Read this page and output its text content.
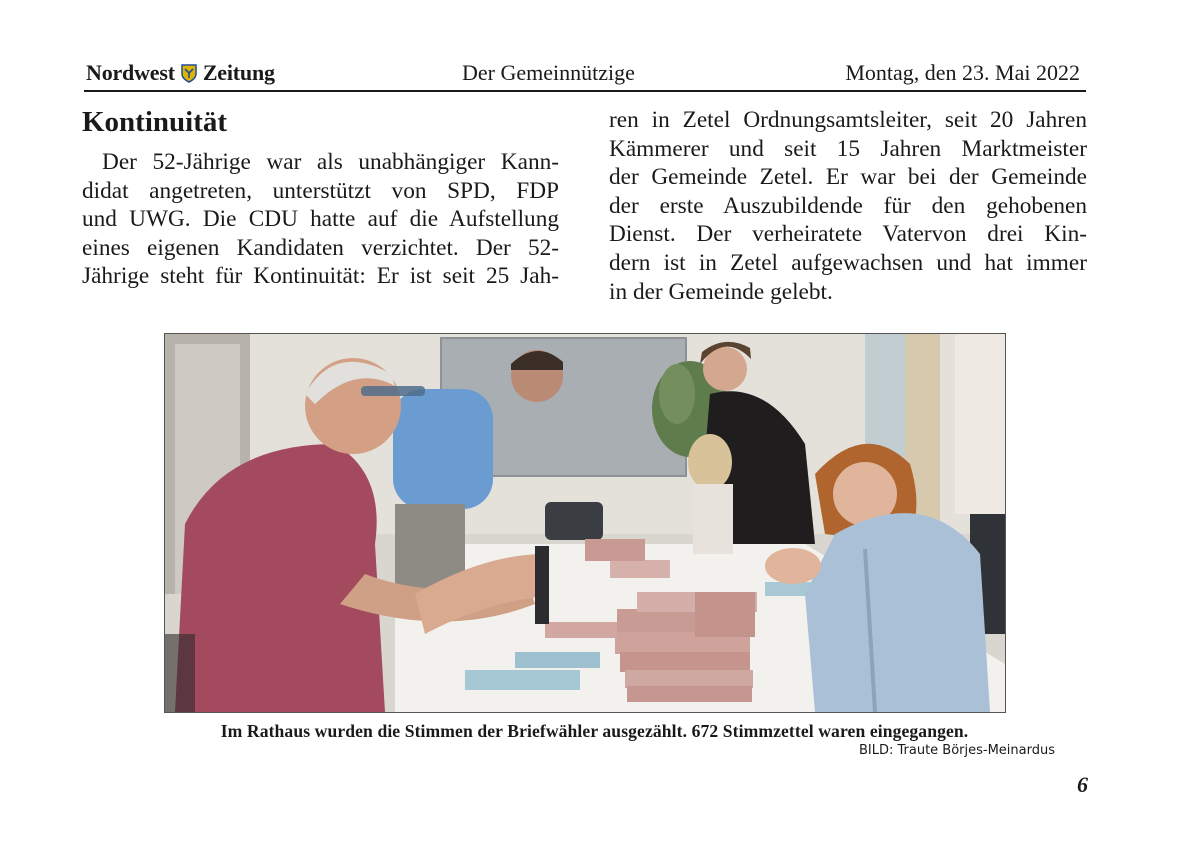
Nordwest Zeitung	Der Gemeinnützige	Montag, den 23. Mai 2022
Kontinuität
Der 52-Jährige war als unabhängiger Kann-
didat angetreten, unterstützt von SPD, FDP
und UWG. Die CDU hatte auf die Aufstellung
eines eigenen Kandidaten verzichtet. Der 52-
Jährige steht für Kontinuität: Er ist seit 25 Jah-
ren in Zetel Ordnungsamtsleiter, seit 20 Jahren
Kämmerer und seit 15 Jahren Marktmeister
der Gemeinde Zetel. Er war bei der Gemeinde
der erste Auszubildende für den gehobenen
Dienst. Der verheiratete Vatervon drei Kin-
dern ist in Zetel aufgewachsen und hat immer
in der Gemeinde gelebt.
Im Rathaus wurden die Stimmen der Briefwähler ausgezählt. 672 Stimmzettel waren eingegangen.
BILD: Traute Börjes-Meinardus
6
